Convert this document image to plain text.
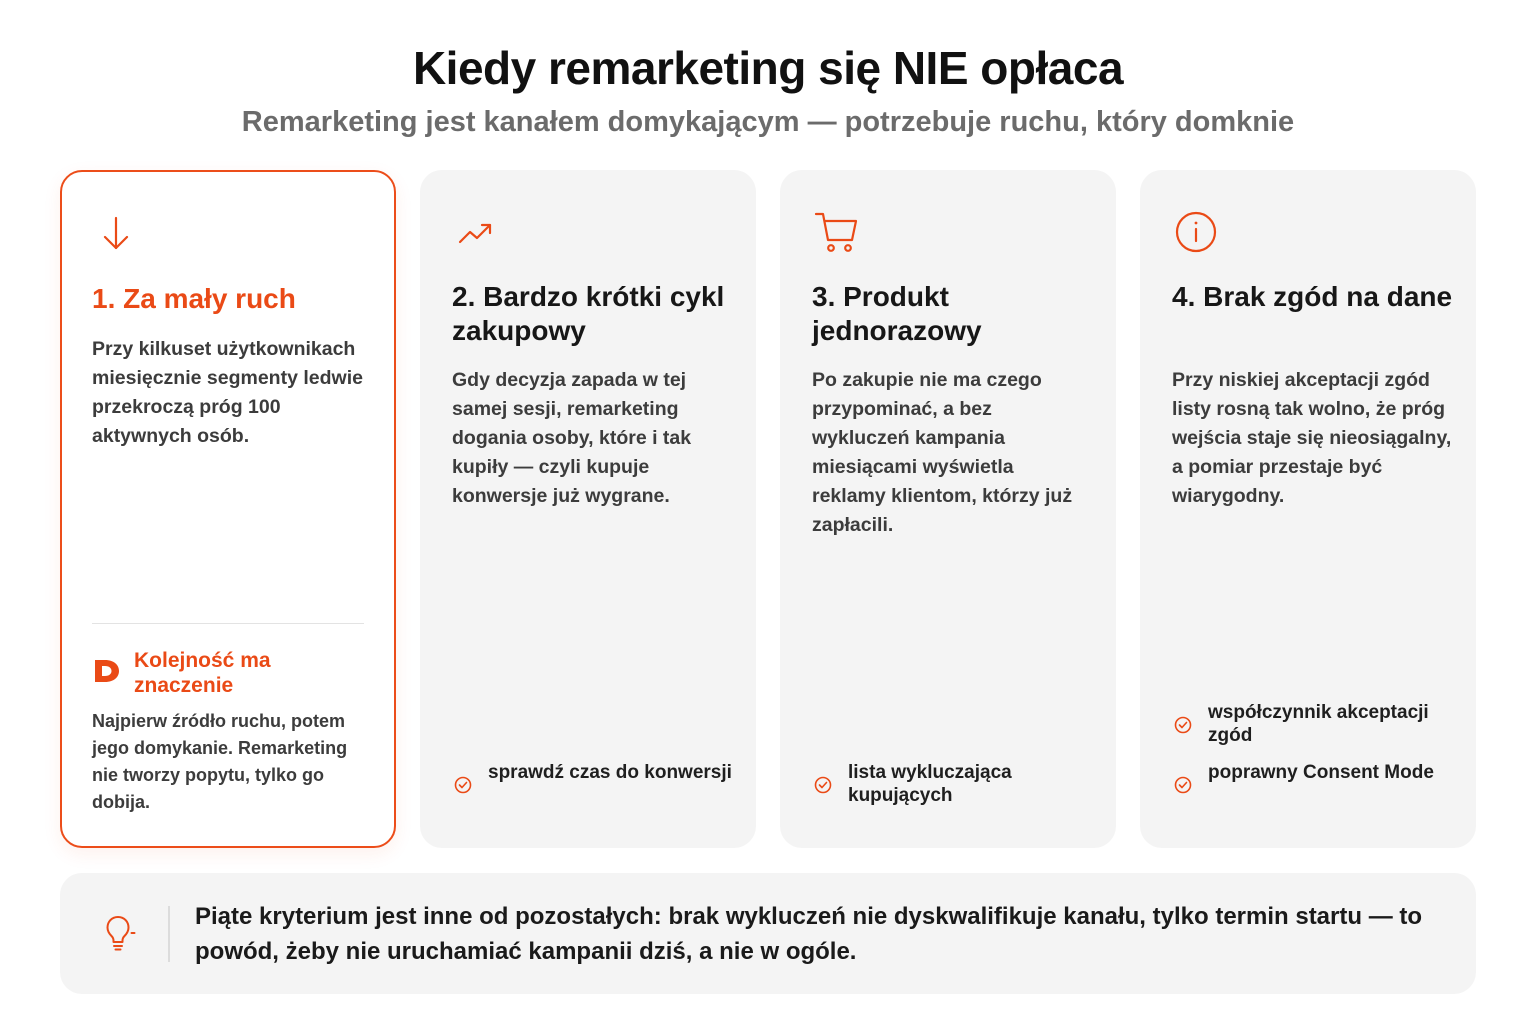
Kiedy remarketing się NIE opłaca
Remarketing jest kanałem domykającym — potrzebuje ruchu, który domknie
1. Za mały ruch
Przy kilkuset użytkownikach miesięcznie segmenty ledwie przekroczą próg 100 aktywnych osób.
Kolejność ma znaczenie
Najpierw źródło ruchu, potem jego domykanie. Remarketing nie tworzy popytu, tylko go dobija.
2. Bardzo krótki cykl zakupowy
Gdy decyzja zapada w tej samej sesji, remarketing dogania osoby, które i tak kupiły — czyli kupuje konwersje już wygrane.
sprawdź czas do konwersji
3. Produkt jednorazowy
Po zakupie nie ma czego przypominać, a bez wykluczeń kampania miesiącami wyświetla reklamy klientom, którzy już zapłacili.
lista wykluczająca kupujących
4. Brak zgód na dane
Przy niskiej akceptacji zgód listy rosną tak wolno, że próg wejścia staje się nieosiągalny, a pomiar przestaje być wiarygodny.
współczynnik akceptacji zgód
poprawny Consent Mode
Piąte kryterium jest inne od pozostałych: brak wykluczeń nie dyskwalifikuje kanału, tylko termin startu — to powód, żeby nie uruchamiać kampanii dziś, a nie w ogóle.
